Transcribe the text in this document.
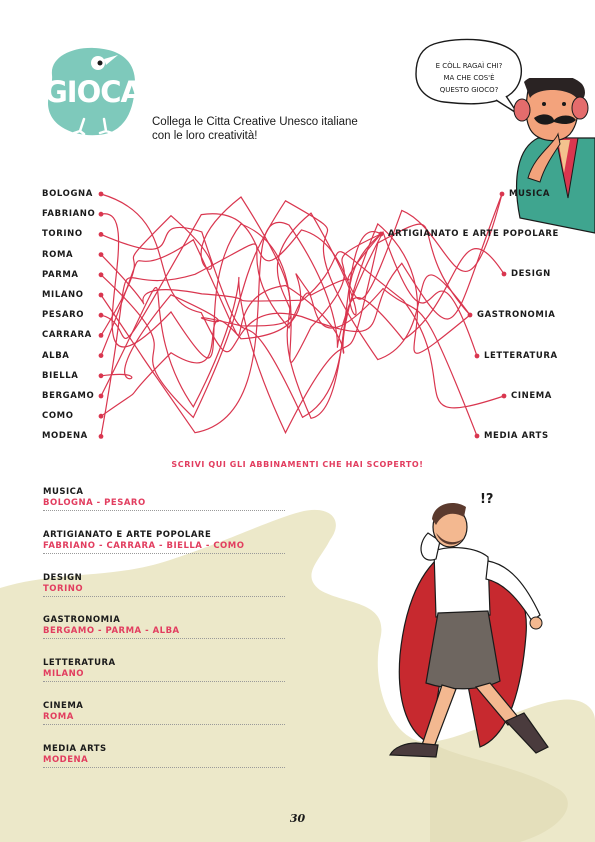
GIOCA
Collega le Citta Creative Unesco italiane
con le loro creatività!
E CÒLL RAGAÌ CHI?
MA CHE COS'È
QUESTO GIOCO?
BOLOGNA
FABRIANO
TORINO
ROMA
PARMA
MILANO
PESARO
CARRARA
ALBA
BIELLA
BERGAMO
COMO
MODENA
MUSICA
ARTIGIANATO E ARTE POPOLARE
DESIGN
GASTRONOMIA
LETTERATURA
CINEMA
MEDIA ARTS
SCRIVI QUI GLI ABBINAMENTI CHE HAI SCOPERTO!
MUSICA
BOLOGNA - PESARO
ARTIGIANATO E ARTE POPOLARE
FABRIANO - CARRARA - BIELLA - COMO
DESIGN
TORINO
GASTRONOMIA
BERGAMO - PARMA - ALBA
LETTERATURA
MILANO
CINEMA
ROMA
MEDIA ARTS
MODENA
!?
30
